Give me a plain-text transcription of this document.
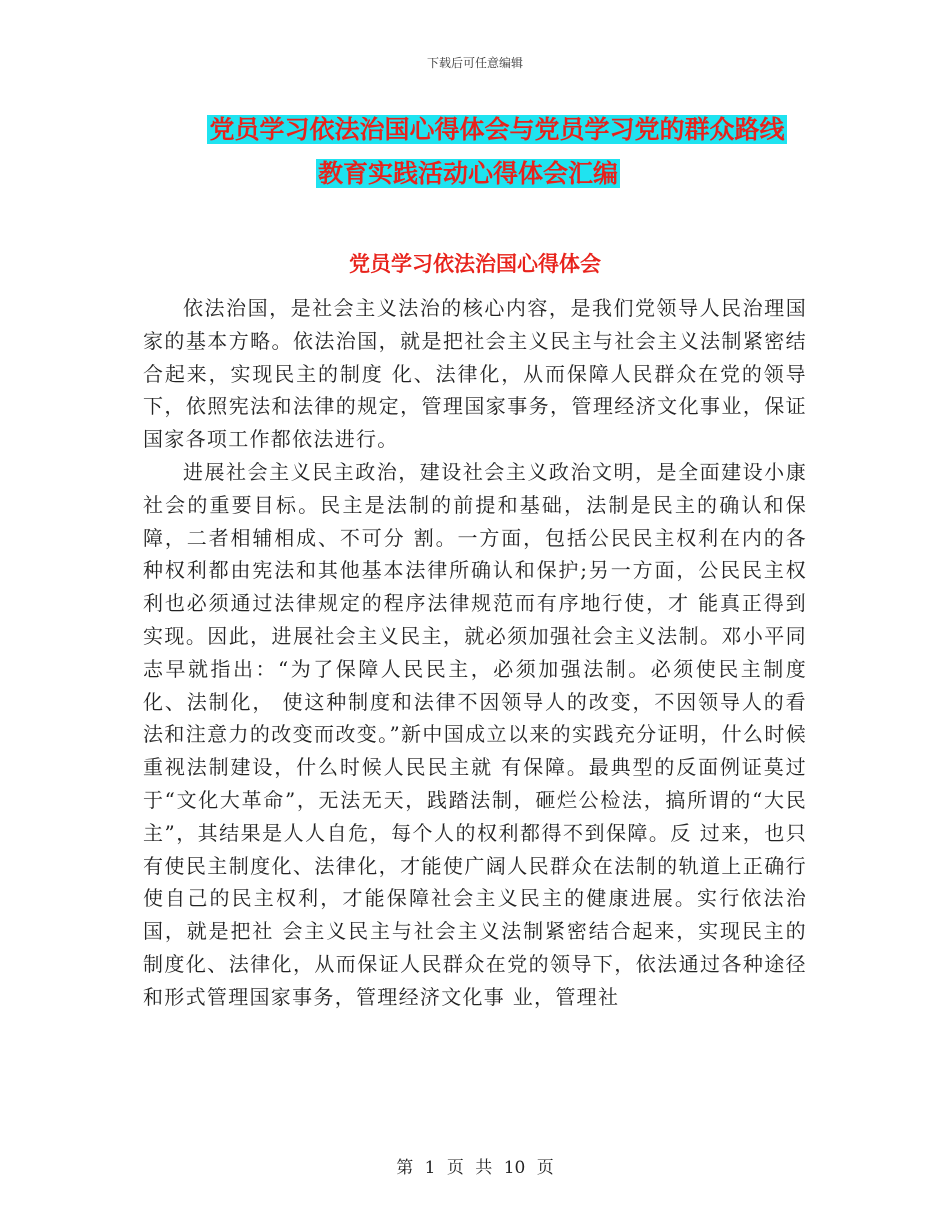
下载后可任意编辑
党员学习依法治国心得体会与党员学习党的群众路线
教育实践活动心得体会汇编
党员学习依法治国心得体会

依法治国，是社会主义法治的核心内容，是我们党领导人民治理国家的基本方略。依法治国，就是把社会主义民主与社会主义法制紧密结合起来，实现民主的制度 化、法律化，从而保障人民群众在党的领导下，依照宪法和法律的规定，管理国家事务，管理经济文化事业，保证国家各项工作都依法进行。

进展社会主义民主政治，建设社会主义政治文明，是全面建设小康社会的重要目标。民主是法制的前提和基础，法制是民主的确认和保障，二者相辅相成、不可分 割。一方面，包括公民民主权利在内的各种权利都由宪法和其他基本法律所确认和保护;另一方面，公民民主权利也必须通过法律规定的程序法律规范而有序地行使，才 能真正得到实现。因此，进展社会主义民主，就必须加强社会主义法制。邓小平同志早就指出：“为了保障人民民主，必须加强法制。必须使民主制度化、法制化， 使这种制度和法律不因领导人的改变，不因领导人的看法和注意力的改变而改变。”新中国成立以来的实践充分证明，什么时候重视法制建设，什么时候人民民主就 有保障。最典型的反面例证莫过于“文化大革命”，无法无天，践踏法制，砸烂公检法，搞所谓的“大民主”，其结果是人人自危，每个人的权利都得不到保障。反 过来，也只有使民主制度化、法律化，才能使广阔人民群众在法制的轨道上正确行使自己的民主权利，才能保障社会主义民主的健康进展。实行依法治国，就是把社 会主义民主与社会主义法制紧密结合起来，实现民主的制度化、法律化，从而保证人民群众在党的领导下，依法通过各种途径和形式管理国家事务，管理经济文化事 业，管理社

第 1 页 共 10 页
